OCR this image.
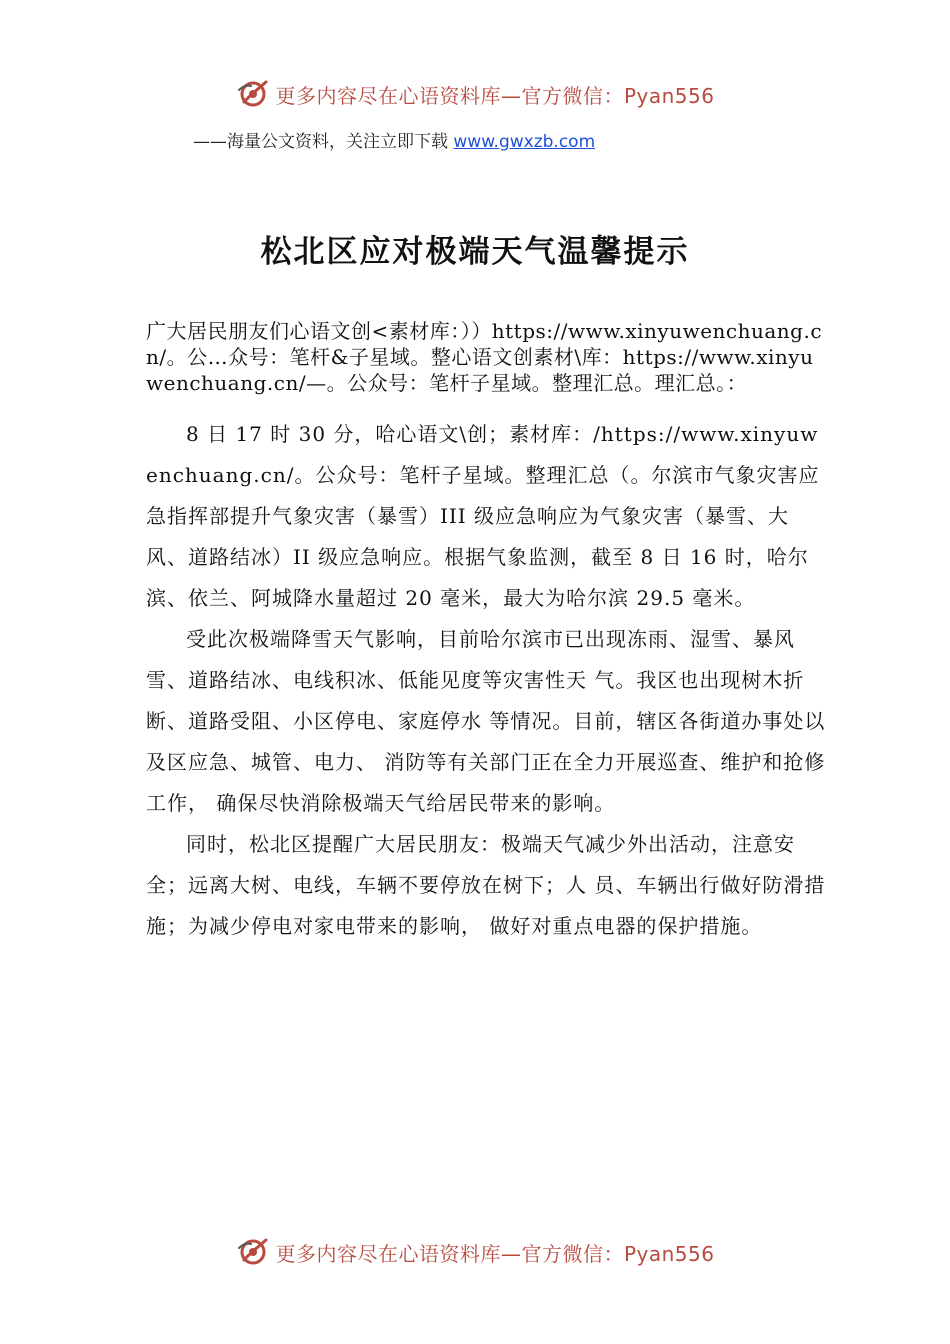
更多内容尽在心语资料库—官方微信：Pyan556
——海量公文资料，关注立即下载 www.gwxzb.com
松北区应对极端天气温馨提示

广大居民朋友们心语文创<素材库：））https://www.xinyuwenchuang.cn/。公…众号：笔杆&子星域。整心语文创素材\库：https://www.xinyuwenchuang.cn/—。公众号：笔杆子星域。整理汇总。理汇总。：

8 日 17 时 30 分，哈心语文\创；素材库：/https://www.xinyuwenchuang.cn/。公众号：笔杆子星域。整理汇总（。尔滨市气象灾害应急指挥部提升气象灾害（暴雪）III 级应急响应为气象灾害（暴雪、大风、道路结冰）II 级应急响应。根据气象监测，截至 8 日 16 时，哈尔滨、依兰、阿城降水量超过 20 毫米，最大为哈尔滨 29.5 毫米。

受此次极端降雪天气影响，目前哈尔滨市已出现冻雨、湿雪、暴风雪、道路结冰、电线积冰、低能见度等灾害性天 气。我区也出现树木折断、道路受阻、小区停电、家庭停水 等情况。目前，辖区各街道办事处以及区应急、城管、电力、 消防等有关部门正在全力开展巡查、维护和抢修工作， 确保尽快消除极端天气给居民带来的影响。

同时，松北区提醒广大居民朋友：极端天气减少外出活动，注意安全；远离大树、电线，车辆不要停放在树下；人 员、车辆出行做好防滑措施；为减少停电对家电带来的影响， 做好对重点电器的保护措施。

更多内容尽在心语资料库—官方微信：Pyan556
